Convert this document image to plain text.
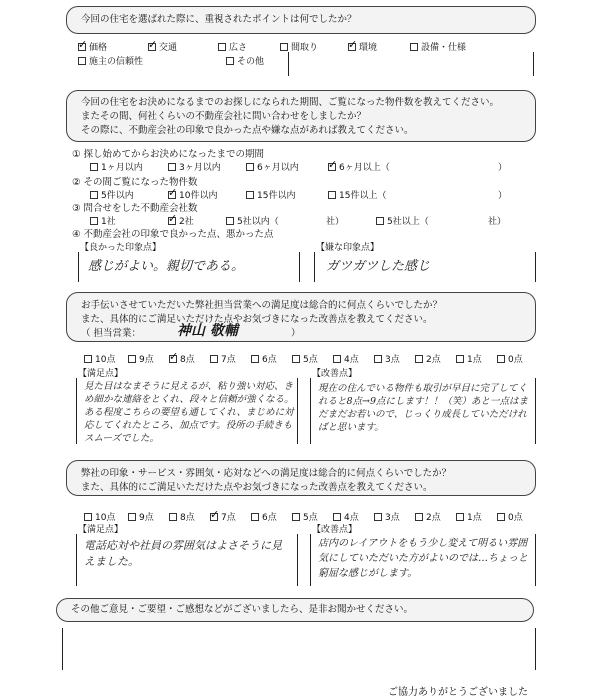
今回の住宅を選ばれた際に、重視されたポイントは何でしたか？
✓
価格 ✓	交通	広さ	間取り ✓	環境	設備・仕様
施主の信頼性	その他
今回の住宅をお決めになるまでのお探しになられた期間、ご覧になった物件数を教えてください。
またその間、何社くらいの不動産会社に問い合わせをしましたか？
その際に、不動産会社の印象で良かった点や嫌な点があれば教えてください。
① 探し始めてからお決めになったまでの期間
1ヶ月以内	3ヶ月以内	6ヶ月以内 ✓	6ヶ月以上（	）
② その間ご覧になった物件数
5件以内 ✓	10件以内	15件以内	15件以上（	）
③ 問合せをした不動産会社数
1社 ✓	2社	5社以内（	社）	5社以上（	社）
④ 不動産会社の印象で良かった点、悪かった点
【良かった印象点】
感じがよい。親切である。
【嫌な印象点】
ガツガツした感じ
お手伝いさせていただいた弊社担当営業への満足度は総合的に何点くらいでしたか？
また、具体的にご満足いただけた点やお気づきになった改善点を教えてください。
（ 担当営業：	神山 敬輔	）
10点	9点 ✓	8点	7点	6点	5点	4点	3点	2点	1点	0点
【満足点】
見た目はなまそうに見えるが、粘り強い対応、きめ細かな連絡をとくれ、段々と信頼が強くなる。ある程度こちらの要望も通してくれ、まじめに対応してくれたところ、加点です。役所の手続きもスムーズでした。
【改善点】
現在の住んでいる物件も取引が早目に完了してくれると8点→9点にします！！（笑）あと一点はまだまだお若いので、じっくり成長していただければと思います。
弊社の印象・サービス・雰囲気・応対などへの満足度は総合的に何点くらいでしたか？
また、具体的にご満足いただけた点やお気づきになった改善点を教えてください。
10点	9点	8点 ✓	7点	6点	5点	4点	3点	2点	1点	0点
【満足点】
電話応対や社員の雰囲気はよさそうに見えました。
【改善点】
店内のレイアウトをもう少し変えて明るい雰囲気にしていただいた方がよいのでは…ちょっと窮屈な感じがします。
その他ご意見・ご要望・ご感想などがございましたら、是非お聞かせください。
ご協力ありがとうございました
